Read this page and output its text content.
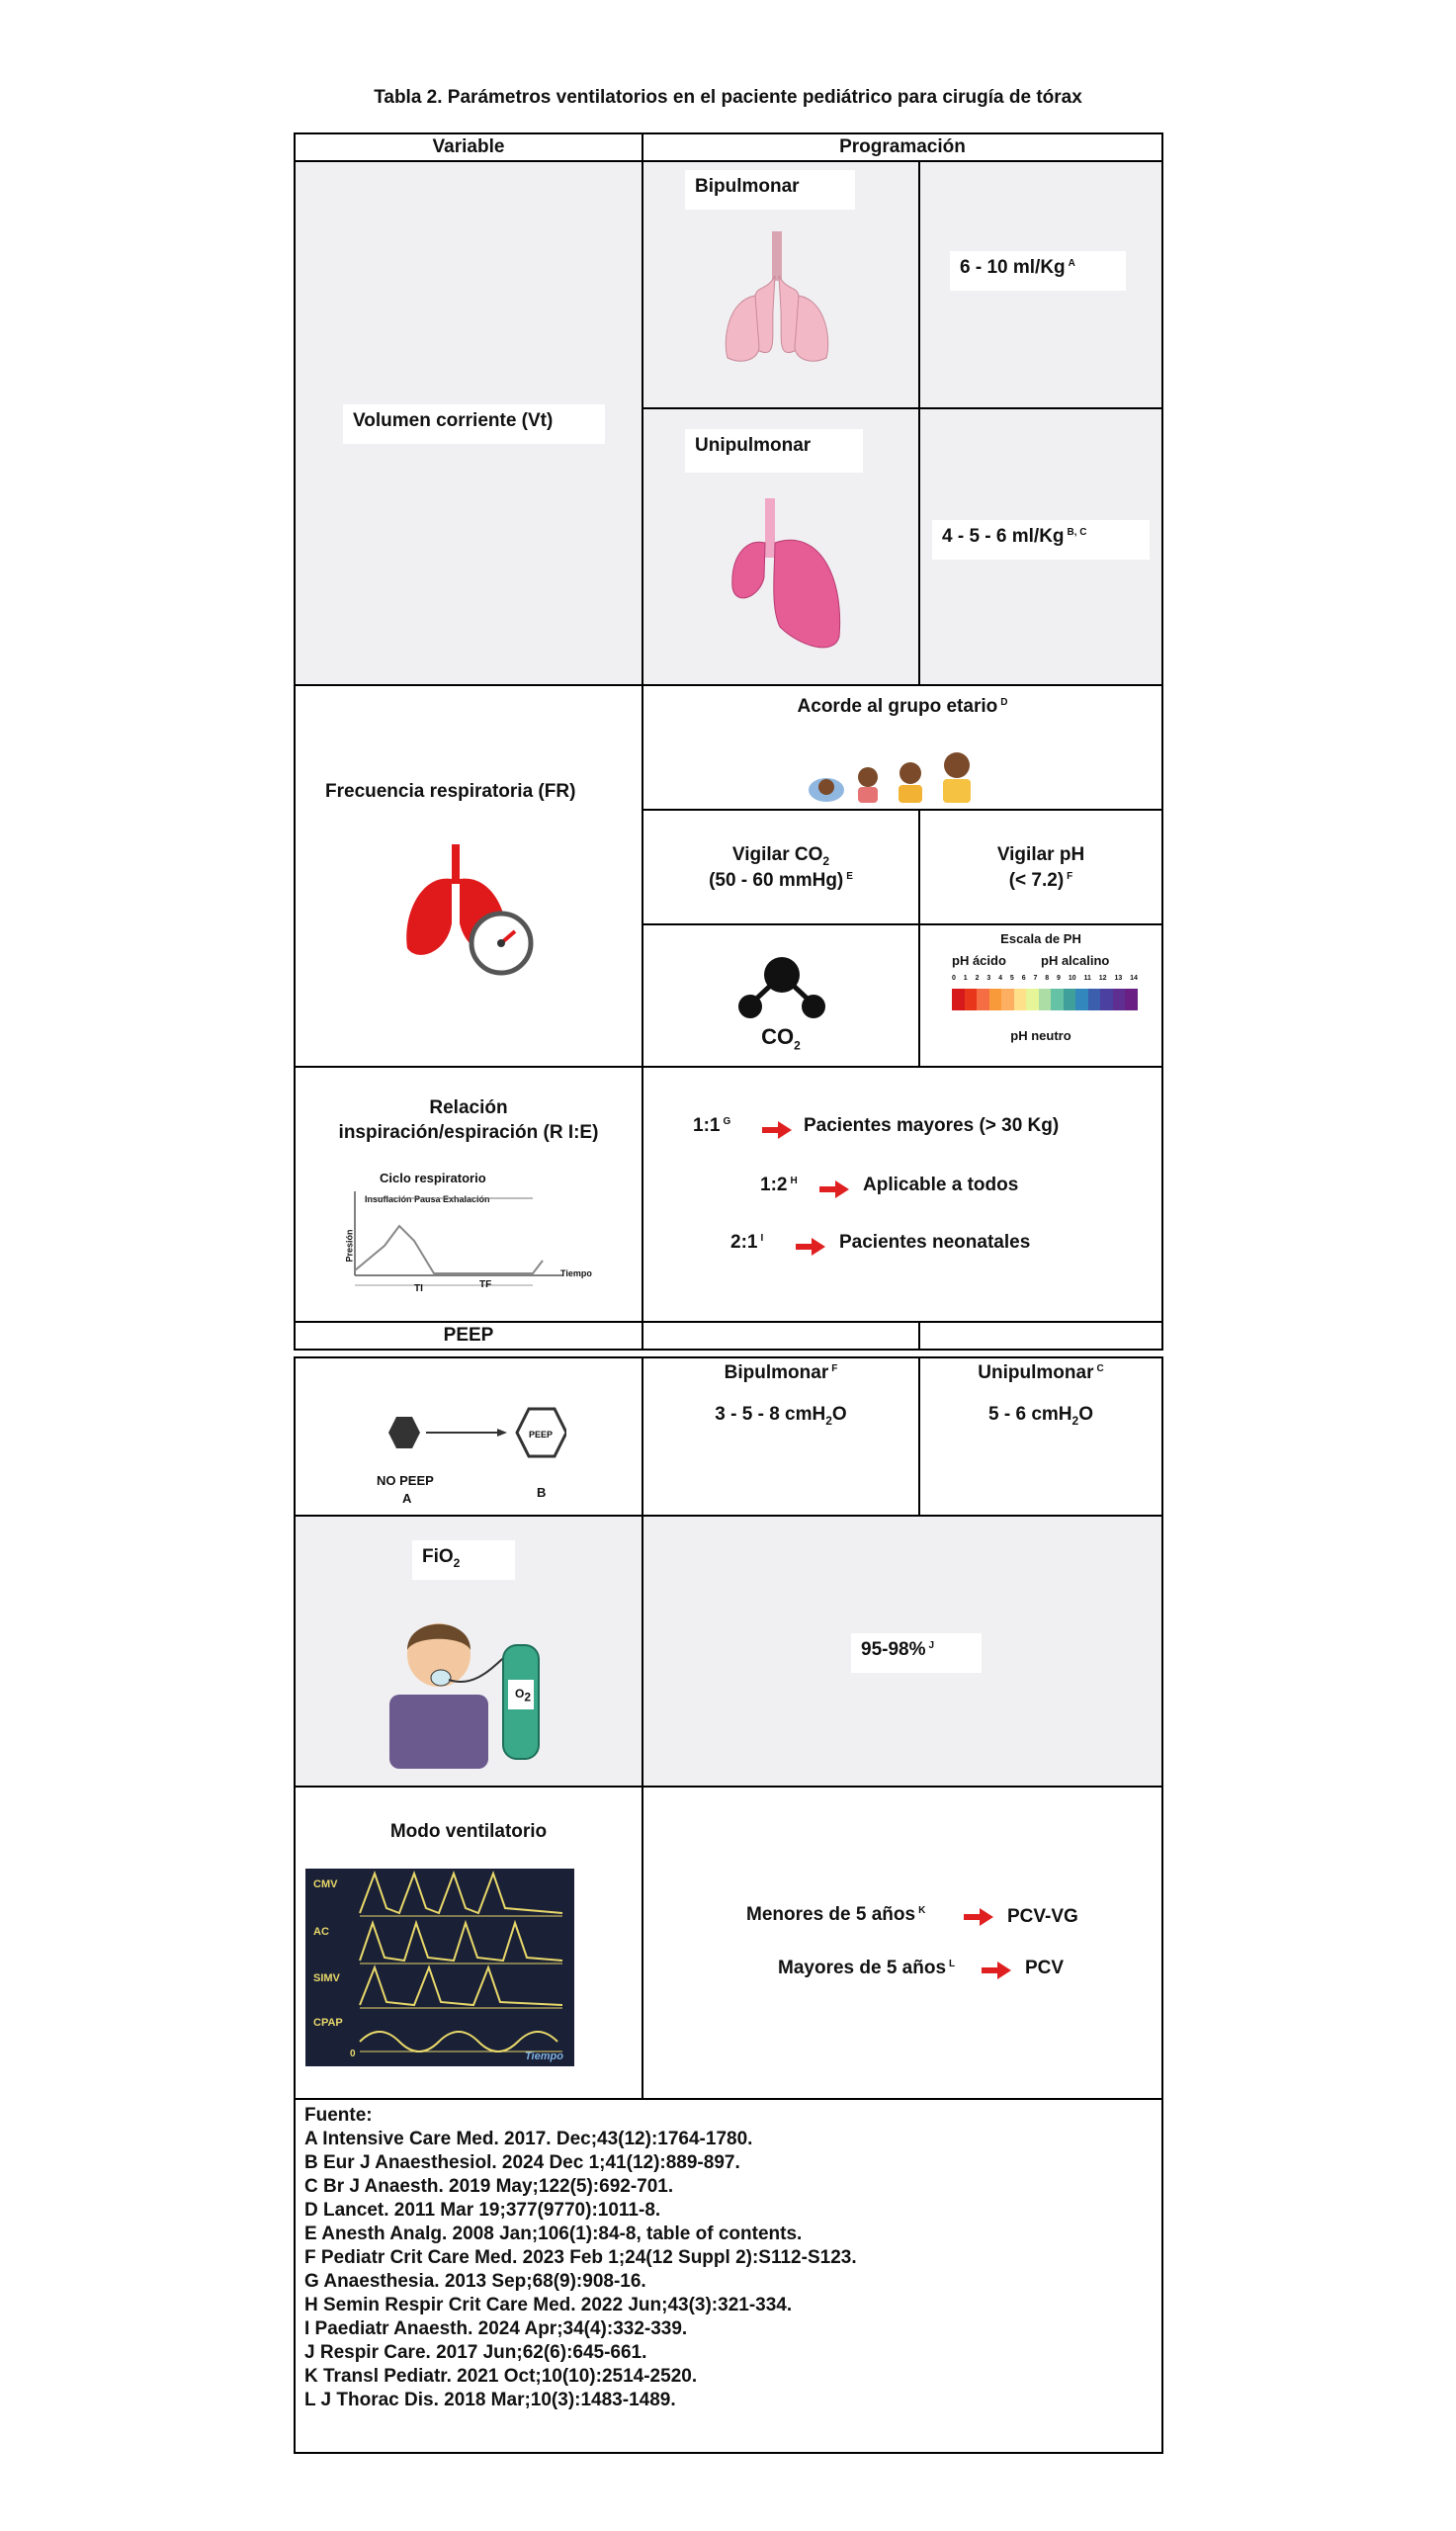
Tabla 2. Parámetros ventilatorios en el paciente pediátrico para cirugía de tórax
Variable	Programación
Volumen corriente (Vt)
Bipulmonar
6 - 10 ml/Kg $^A$
Unipulmonar
4 - 5 - 6 ml/Kg $^{B, C}$
Frecuencia respiratoria (FR)
Acorde al grupo etario $^D$
Vigilar $CO_2$
(50 - 60 mmHg) $^E$
Vigilar pH
(< 7.2) $^F$
$CO_2$
Escala de PH
pH ácido	pH alcalino
0 1 2 3 4 5 6 7 8 9 10 11 12 13 14
pH neutro
Relación
inspiración/espiración (R I:E)
Ciclo respiratorio
Insuflación Pausa Exhalación
Presión
Tiempo
TI	TF
1:1 $^G$	Pacientes mayores (> 30 Kg)
1:2 $^H$	Aplicable a todos
2:1 $^I$	Pacientes neonatales
PEEP
PEEP
NO PEEP
A	B
Bipulmonar $^F$
3 - 5 - 8 cmH$_2$O
Unipulmonar $^C$
5 - 6 cmH$_2$O
FiO$_2$
$O_2$
95-98% $^J$
Modo ventilatorio
CMV
AC
SIMV
CPAP
0	Tiempo
Menores de 5 años $^K$	PCV-VG
Mayores de 5 años $^L$	PCV
Fuente:
A Intensive Care Med. 2017. Dec;43(12):1764-1780.
B Eur J Anaesthesiol. 2024 Dec 1;41(12):889-897.
C Br J Anaesth. 2019 May;122(5):692-701.
D Lancet. 2011 Mar 19;377(9770):1011-8.
E Anesth Analg. 2008 Jan;106(1):84-8, table of contents.
F Pediatr Crit Care Med. 2023 Feb 1;24(12 Suppl 2):S112-S123.
G Anaesthesia. 2013 Sep;68(9):908-16.
H Semin Respir Crit Care Med. 2022 Jun;43(3):321-334.
I Paediatr Anaesth. 2024 Apr;34(4):332-339.
J Respir Care. 2017 Jun;62(6):645-661.
K Transl Pediatr. 2021 Oct;10(10):2514-2520.
L J Thorac Dis. 2018 Mar;10(3):1483-1489.
